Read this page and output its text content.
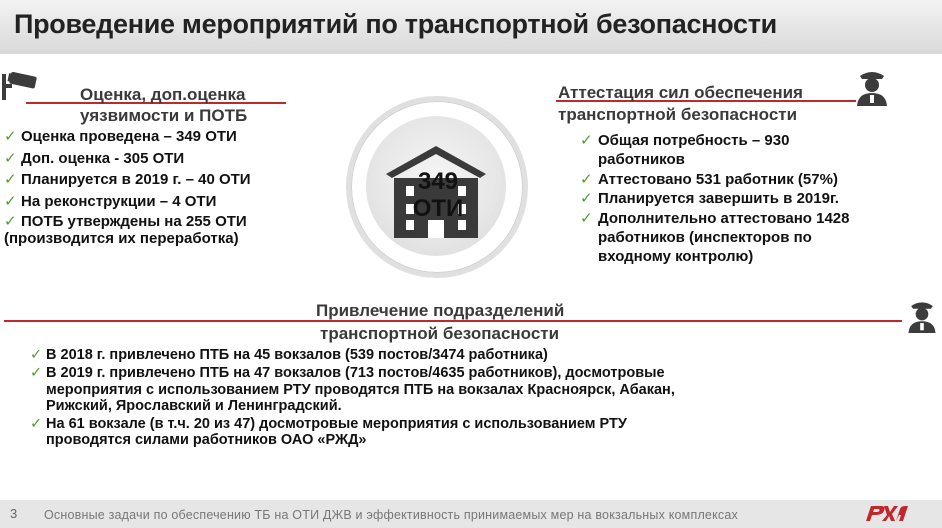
Проведение мероприятий по транспортной безопасности
349
ОТИ
Оценка, доп.оценка
уязвимости и ПОТБ
✓ Оценка проведена – 349 ОТИ
✓ Доп. оценка - 305 ОТИ
✓ Планируется в 2019 г. – 40 ОТИ
✓ На реконструкции – 4 ОТИ
✓ ПОТБ утверждены на 255 ОТИ
(производится их переработка)
Аттестация сил обеспечения
транспортной безопасности
✓ Общая потребность – 930
работников
✓ Аттестовано 531 работник (57%)
✓ Планируется завершить в 2019г.
✓ Дополнительно аттестовано 1428
работников (инспекторов по
входному контролю)
Привлечение подразделений
транспортной безопасности
✓ В 2018 г. привлечено ПТБ на 45 вокзалов (539 постов/3474 работника)
✓ В 2019 г. привлечено ПТБ на 47 вокзалов (713 постов/4635 работников), досмотровые
мероприятия с использованием РТУ проводятся ПТБ на вокзалах Красноярск, Абакан,
Рижский, Ярославский и Ленинградский.
✓ На 61 вокзале (в т.ч. 20 из 47) досмотровые мероприятия с использованием РТУ
проводятся силами работников ОАО «РЖД»
3 Основные задачи по обеспечению ТБ на ОТИ ДЖВ и эффективность принимаемых мер на вокзальных комплексах
